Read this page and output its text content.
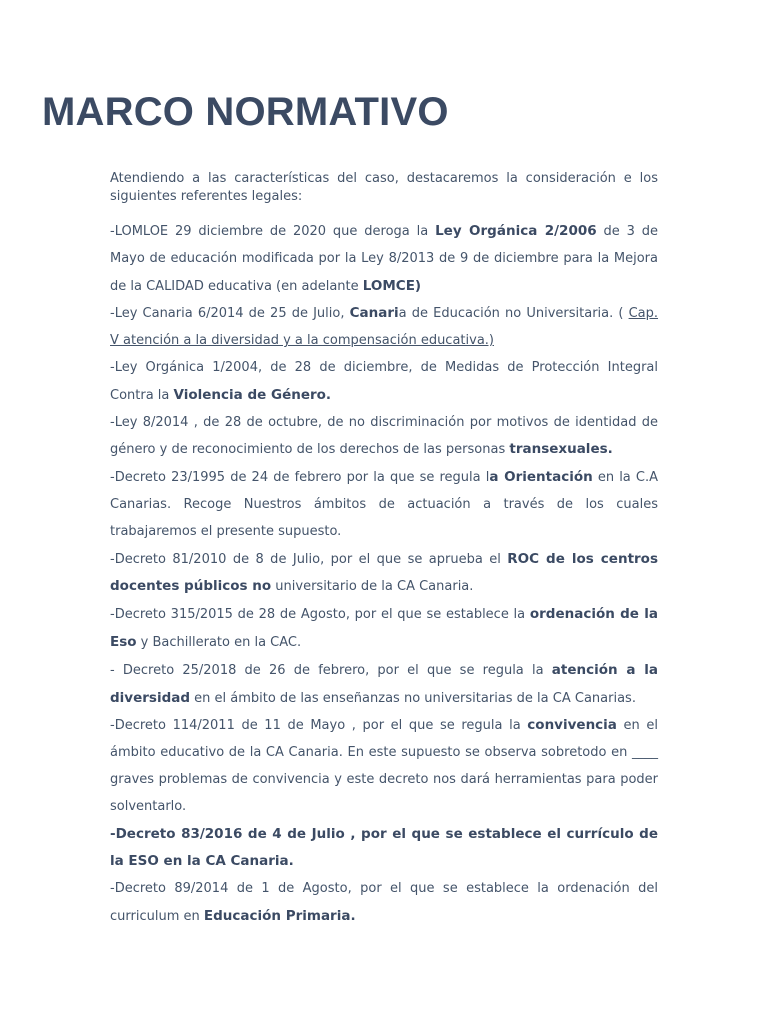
MARCO NORMATIVO

Atendiendo a las características del caso, destacaremos la consideración e los siguientes referentes legales:

-LOMLOE 29 diciembre de 2020 que deroga la Ley Orgánica 2/2006 de 3 de Mayo de educación modificada por la Ley 8/2013 de 9 de diciembre para la Mejora de la CALIDAD educativa (en adelante LOMCE)

-Ley Canaria 6/2014 de 25 de Julio, Canaria de Educación no Universitaria. ( Cap. V atención a la diversidad y a la compensación educativa.)

-Ley Orgánica 1/2004, de 28 de diciembre, de Medidas de Protección Integral Contra la Violencia de Género.

-Ley 8/2014 , de 28 de octubre, de no discriminación por motivos de identidad de género y de reconocimiento de los derechos de las personas transexuales.

-Decreto 23/1995 de 24 de febrero por la que se regula la Orientación en la C.A Canarias. Recoge Nuestros ámbitos de actuación a través de los cuales trabajaremos el presente supuesto.

-Decreto 81/2010 de 8 de Julio, por el que se aprueba el ROC de los centros docentes públicos no universitario de la CA Canaria.

-Decreto 315/2015 de 28 de Agosto, por el que se establece la ordenación de la Eso y Bachillerato en la CAC.

- Decreto 25/2018 de 26 de febrero, por el que se regula la atención a la diversidad en el ámbito de las enseñanzas no universitarias de la CA Canarias.

-Decreto 114/2011 de 11 de Mayo , por el que se regula la convivencia en el ámbito educativo de la CA Canaria. En este supuesto se observa sobretodo en ____ graves problemas de convivencia y este decreto nos dará herramientas para poder solventarlo.

-Decreto 83/2016 de 4 de Julio , por el que se establece el currículo de la ESO en la CA Canaria.

-Decreto 89/2014 de 1 de Agosto, por el que se establece la ordenación del curriculum en Educación Primaria.
